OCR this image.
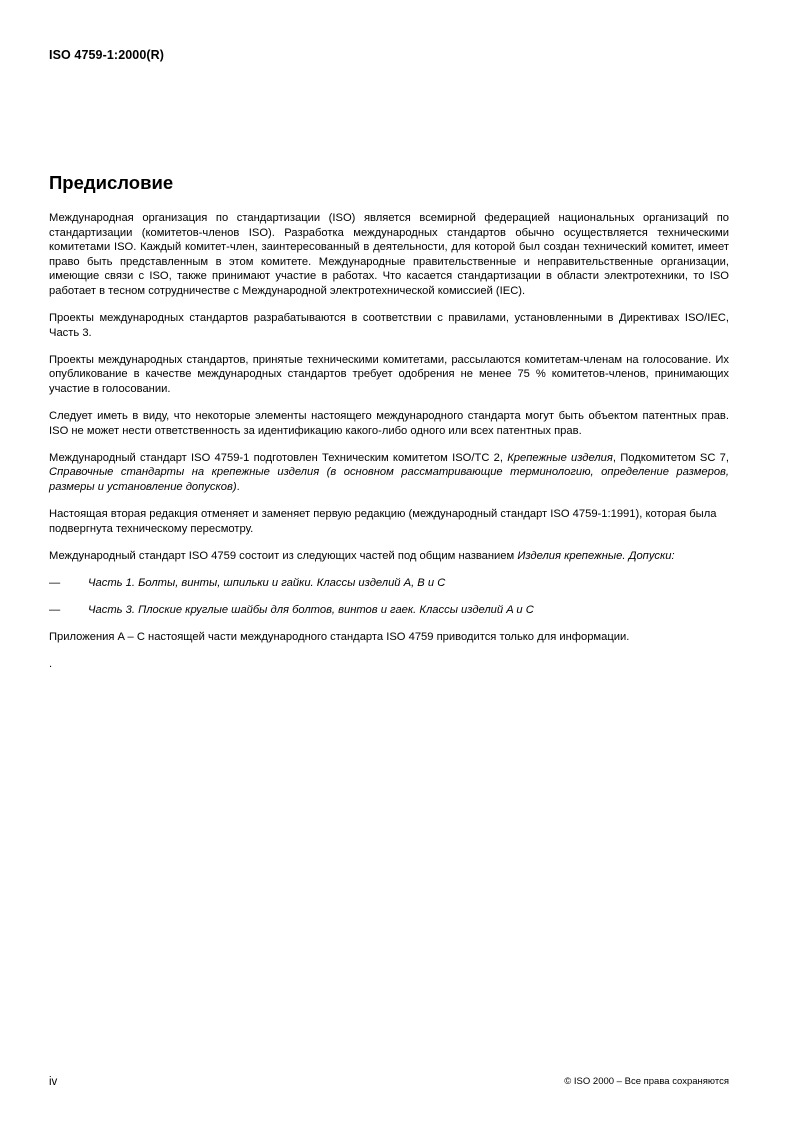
ISO 4759-1:2000(R)
Предисловие

Международная организация по стандартизации (ISO) является всемирной федерацией национальных организаций по стандартизации (комитетов-членов ISO). Разработка международных стандартов обычно осуществляется техническими комитетами ISO. Каждый комитет-член, заинтересованный в деятельности, для которой был создан технический комитет, имеет право быть представленным в этом комитете. Международные правительственные и неправительственные организации, имеющие связи с ISO, также принимают участие в работах. Что касается стандартизации в области электротехники, то ISO работает в тесном сотрудничестве с Международной электротехнической комиссией (IEC).

Проекты международных стандартов разрабатываются в соответствии с правилами, установленными в Директивах ISO/IEC, Часть 3.

Проекты международных стандартов, принятые техническими комитетами, рассылаются комитетам-членам на голосование. Их опубликование в качестве международных стандартов требует одобрения не менее 75 % комитетов-членов, принимающих участие в голосовании.

Следует иметь в виду, что некоторые элементы настоящего международного стандарта могут быть объектом патентных прав. ISO не может нести ответственность за идентификацию какого-либо одного или всех патентных прав.

Международный стандарт ISO 4759-1 подготовлен Техническим комитетом ISO/TC 2, Крепежные изделия, Подкомитетом SC 7, Справочные стандарты на крепежные изделия (в основном рассматривающие терминологию, определение размеров, размеры и установление допусков).

Настоящая вторая редакция отменяет и заменяет первую редакцию (международный стандарт ISO 4759-1:1991), которая была подвергнута техническому пересмотру.

Международный стандарт ISO 4759 состоит из следующих частей под общим названием Изделия крепежные. Допуски:

—	Часть 1. Болты, винты, шпильки и гайки. Классы изделий A, B и C
—	Часть 3. Плоские круглые шайбы для болтов, винтов и гаек. Классы изделий A и C

Приложения A – C настоящей части международного стандарта ISO 4759 приводится только для информации.

.
iv	© ISO 2000 – Все права сохраняются
